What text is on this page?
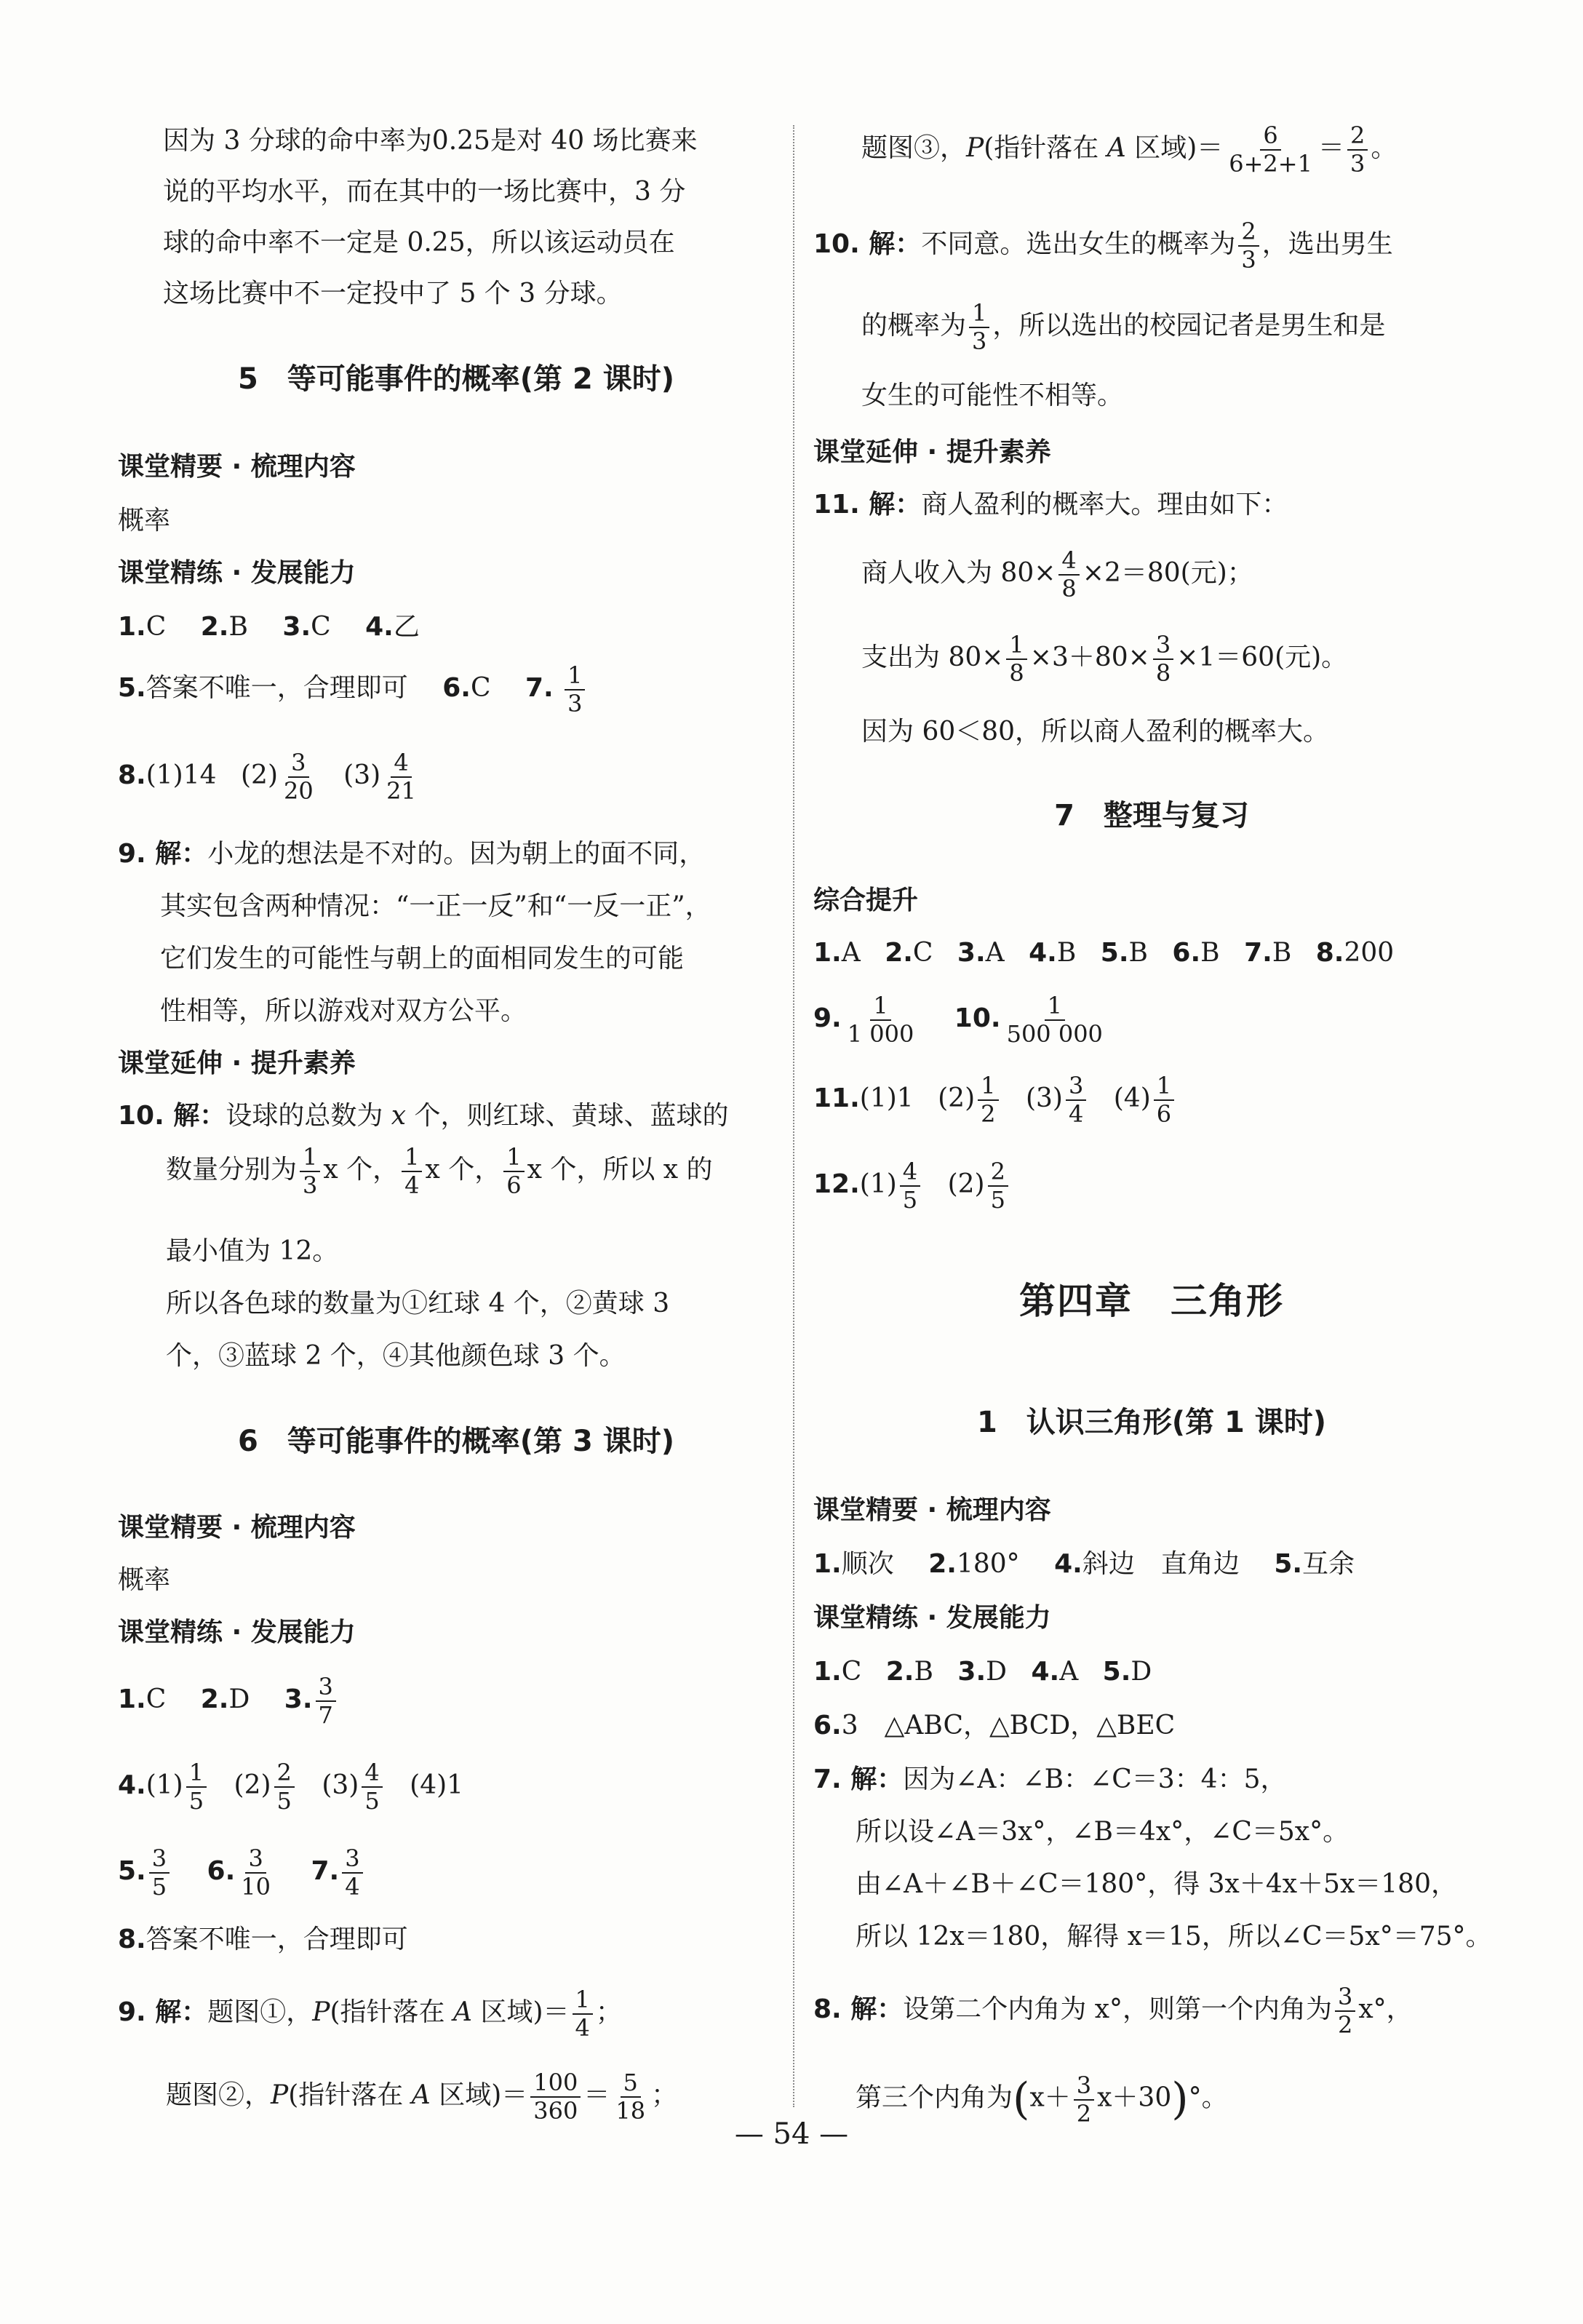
因为 3 分球的命中率为0.25是对 40 场比赛来
说的平均水平，而在其中的一场比赛中，3 分
球的命中率不一定是 0.25，所以该运动员在
这场比赛中不一定投中了 5 个 3 分球。
5　等可能事件的概率(第 2 课时)
课堂精要 · 梳理内容
概率
课堂精练 · 发展能力
1.C 2.B 3.C 4.乙
5.答案不唯一，合理即可 6.C 7. $\frac{1}{3}$
8.(1)14 $(2) \frac{3}{20} (3) \frac{4}{21}$
9. 解：小龙的想法是不对的。因为朝上的面不同，
其实包含两种情况：“一正一反”和“一反一正”，
它们发生的可能性与朝上的面相同发生的可能
性相等，所以游戏对双方公平。
课堂延伸 · 提升素养
10. 解：设球的总数为 x 个，则红球、黄球、蓝球的
数量分别为 $\frac{1}{3}$ x 个， $\frac{1}{4}$ x 个， $\frac{1}{6}$ x 个，所以 x 的
最小值为 12。
所以各色球的数量为①红球 4 个，②黄球 3
个，③蓝球 2 个，④其他颜色球 3 个。
6　等可能事件的概率(第 3 课时)
课堂精要 · 梳理内容
概率
课堂精练 · 发展能力
1.C 2.D 3. $\frac{3}{7}$
$4.(1) \frac{1}{5} (2) \frac{2}{5} (3) \frac{4}{5} (4)1$
5. $\frac{3}{5} 6$. $\frac{3}{10} 7$. $\frac{3}{4}$
8.答案不唯一，合理即可
9. 解：题图①，P(指针落在 A 区域)＝ $\frac{1}{4}$ ；
题图②，P(指针落在 A 区域)＝ $\frac{100}{360} = \frac{5}{18}$ ；
题图③，P(指针落在 A 区域)＝ $\frac{6}{6+2+1} = \frac{2}{3}$ 。
10. 解：不同意。选出女生的概率为 $\frac{2}{3}$ ，选出男生
的概率为 $\frac{1}{3}$ ，所以选出的校园记者是男生和是
女生的可能性不相等。
课堂延伸 · 提升素养
11. 解：商人盈利的概率大。理由如下：
商人收入为 $80\times \frac{4}{8} \times 2=80$(元)；
支出为 $80\times \frac{1}{8} \times 3+80\times \frac{3}{8} \times 1=60$(元)。
因为 60＜80，所以商人盈利的概率大。
7　整理与复习
综合提升
1.A 2.C 3.A 4.B 5.B 6.B 7.B 8.200
9. $\frac{1}{1 000} 10$. $\frac{1}{500 000}$
11.(1)1 $(2) \frac{1}{2} (3) \frac{3}{4} (4) \frac{1}{6}$
$12.(1) \frac{4}{5} (2) \frac{2}{5}$
第四章　三角形
1　认识三角形(第 1 课时)
课堂精要 · 梳理内容
1.顺次 2.180° 4.斜边　直角边 5.互余
课堂精练 · 发展能力
1.C 2.B 3.D 4.A 5.D
6.3　△ABC，△BCD，△BEC
7. 解：因为∠A：∠B：∠C＝3：4：5，
所以设∠A＝3x°，∠B＝4x°，∠C＝5x°。
由∠A＋∠B＋∠C＝180°，得 3x＋4x＋5x＝180，
所以 12x＝180，解得 x＝15，所以∠C＝5x°＝75°。
8. 解：设第二个内角为 x°，则第一个内角为 $\frac{3}{2} x^\circ$，
第三个内角为$(x+ \frac{3}{2} x+30)^\circ$。
— 54 —
